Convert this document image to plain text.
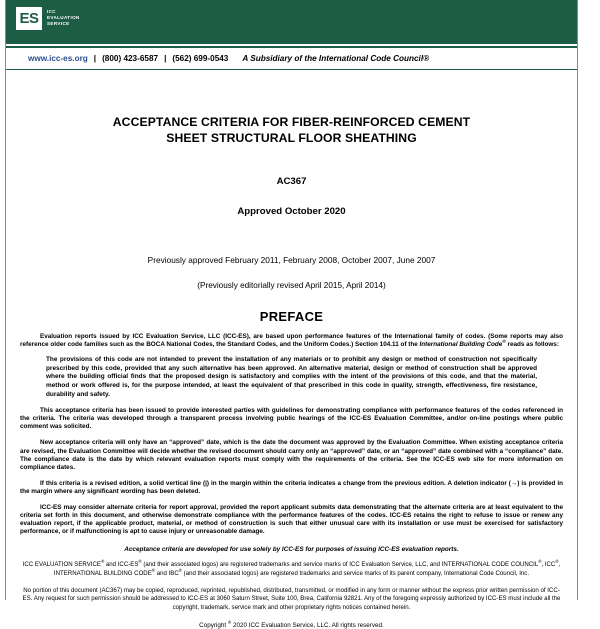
ES	ICC
EVALUATION
SERVICE
www.icc-es.org | (800) 423-6587 | (562) 699-0543 A Subsidiary of the International Code Council®
ACCEPTANCE CRITERIA FOR FIBER-REINFORCED CEMENT
SHEET STRUCTURAL FLOOR SHEATHING
AC367
Approved October 2020
Previously approved February 2011, February 2008, October 2007, June 2007
(Previously editorially revised April 2015, April 2014)
PREFACE

Evaluation reports issued by ICC Evaluation Service, LLC (ICC-ES), are based upon performance features of the International family of codes. (Some reports may also reference older code families such as the BOCA National Codes, the Standard Codes, and the Uniform Codes.) Section 104.11 of the International Building Code® reads as follows:

The provisions of this code are not intended to prevent the installation of any materials or to prohibit any design or method of construction not specifically prescribed by this code, provided that any such alternative has been approved. An alternative material, design or method of construction shall be approved where the building official finds that the proposed design is satisfactory and complies with the intent of the provisions of this code, and that the material, method or work offered is, for the purpose intended, at least the equivalent of that prescribed in this code in quality, strength, effectiveness, fire resistance, durability and safety.

This acceptance criteria has been issued to provide interested parties with guidelines for demonstrating compliance with performance features of the codes referenced in the criteria. The criteria was developed through a transparent process involving public hearings of the ICC-ES Evaluation Committee, and/or on-line postings where public comment was solicited.

New acceptance criteria will only have an “approved” date, which is the date the document was approved by the Evaluation Committee. When existing acceptance criteria are revised, the Evaluation Committee will decide whether the revised document should carry only an “approved” date, or an “approved” date combined with a “compliance” date. The compliance date is the date by which relevant evaluation reports must comply with the requirements of the criteria. See the ICC-ES web site for more information on compliance dates.

If this criteria is a revised edition, a solid vertical line (|) in the margin within the criteria indicates a change from the previous edition. A deletion indicator (→) is provided in the margin where any significant wording has been deleted.

ICC-ES may consider alternate criteria for report approval, provided the report applicant submits data demonstrating that the alternate criteria are at least equivalent to the criteria set forth in this document, and otherwise demonstrate compliance with the performance features of the codes. ICC-ES retains the right to refuse to issue or renew any evaluation report, if the applicable product, material, or method of construction is such that either unusual care with its installation or use must be exercised for satisfactory performance, or if malfunctioning is apt to cause injury or unreasonable damage.

Acceptance criteria are developed for use solely by ICC-ES for purposes of issuing ICC-ES evaluation reports.
ICC EVALUATION SERVICE® and ICC-ES® (and their associated logos) are registered trademarks and service marks of ICC Evaluation Service, LLC, and INTERNATIONAL CODE COUNCIL®, ICC®, INTERNATIONAL BUILDING CODE® and IBC® (and their associated logos) are registered trademarks and service marks of its parent company, International Code Council, Inc.
No portion of this document (AC367) may be copied, reproduced, reprinted, republished, distributed, transmitted, or modified in any form or manner without the express prior written permission of ICC-ES. Any request for such permission should be addressed to ICC-ES at 3060 Saturn Street, Suite 100, Brea, California 92821. Any of the foregoing expressly authorized by ICC-ES must include all the copyright, trademark, service mark and other proprietary rights notices contained herein.
Copyright ® 2020 ICC Evaluation Service, LLC. All rights reserved.
